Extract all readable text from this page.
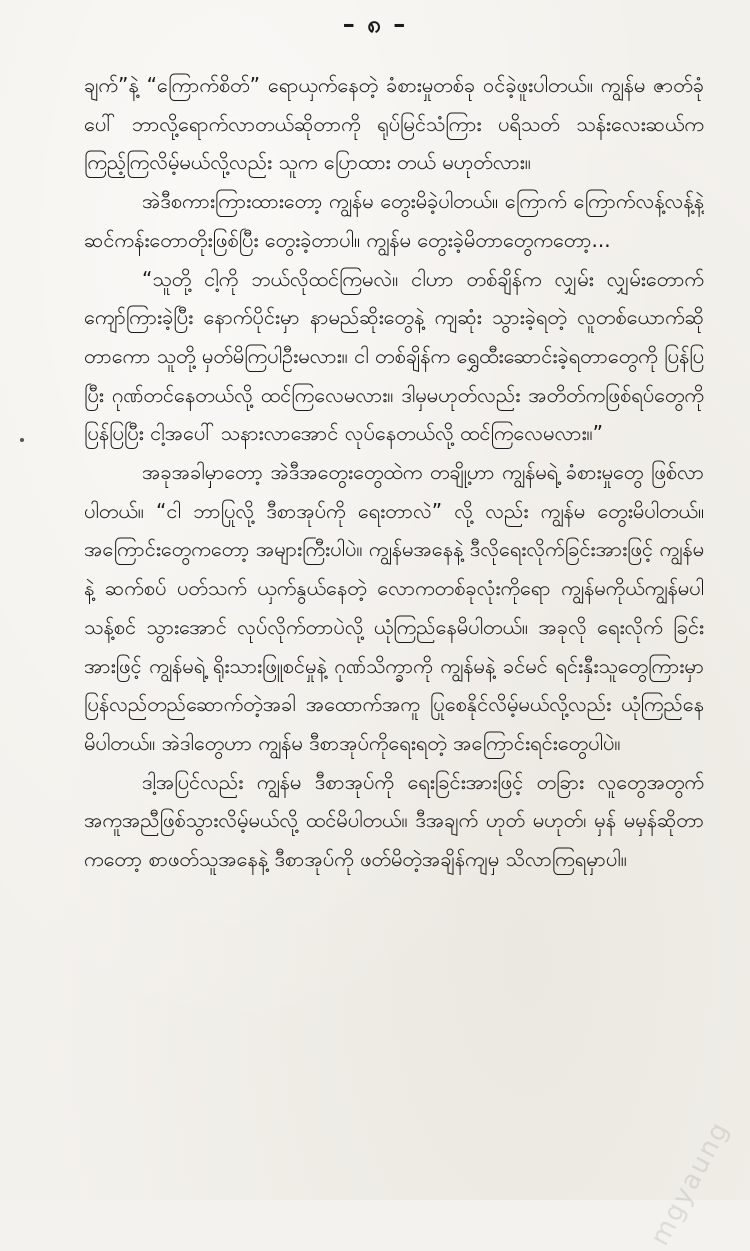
– ၈ –

ချက်”နဲ့ “ကြောက်စိတ်” ရောယှက်နေတဲ့ ခံစားမှုတစ်ခု ဝင်ခဲ့ဖူးပါတယ်။ ကျွန်မ ဇာတ်ခုံပေါ် ဘာလို့ရောက်လာတယ်ဆိုတာကို ရုပ်မြင်သံကြား ပရိသတ် သန်းလေးဆယ်က ကြည့်ကြလိမ့်မယ်လို့လည်း သူက ပြောထား တယ် မဟုတ်လား။

အဲဒီစကားကြားထားတော့ ကျွန်မ တွေးမိခဲ့ပါတယ်။ ကြောက် ကြောက်လန့်လန့်နဲ့ ဆင်ကန်းတောတိုးဖြစ်ပြီး တွေးခဲ့တာပါ။ ကျွန်မ တွေးခဲ့မိတာတွေကတော့...

“သူတို့ ငါ့ကို ဘယ်လိုထင်ကြမလဲ။ ငါဟာ တစ်ချိန်က လျှမ်း လျှမ်းတောက် ကျော်ကြားခဲ့ပြီး နောက်ပိုင်းမှာ နာမည်ဆိုးတွေနဲ့ ကျဆုံး သွားခဲ့ရတဲ့ လူတစ်ယောက်ဆိုတာကော သူတို့ မှတ်မိကြပါဦးမလား။ ငါ တစ်ချိန်က ရွှေထီးဆောင်းခဲ့ရတာတွေကို ပြန်ပြပြီး ဂုဏ်တင်နေတယ်လို့ ထင်ကြလေမလား။ ဒါမှမဟုတ်လည်း အတိတ်ကဖြစ်ရပ်တွေကို ပြန်ပြပြီး ငါ့အပေါ် သနားလာအောင် လုပ်နေတယ်လို့ ထင်ကြလေမလား။”

အခုအခါမှာတော့ အဲဒီအတွေးတွေထဲက တချို့ဟာ ကျွန်မရဲ့ ခံစားမှုတွေ ဖြစ်လာပါတယ်။ “ငါ ဘာပြုလို့ ဒီစာအုပ်ကို ရေးတာလဲ” လို့ လည်း ကျွန်မ တွေးမိပါတယ်။ အကြောင်းတွေကတော့ အများကြီးပါပဲ။ ကျွန်မအနေနဲ့ ဒီလိုရေးလိုက်ခြင်းအားဖြင့် ကျွန်မနဲ့ ဆက်စပ် ပတ်သက် ယှက်နွယ်နေတဲ့ လောကတစ်ခုလုံးကိုရော ကျွန်မကိုယ်ကျွန်မပါ သန့်စင် သွားအောင် လုပ်လိုက်တာပဲလို့ ယုံကြည်နေမိပါတယ်။ အခုလို ရေးလိုက် ခြင်းအားဖြင့် ကျွန်မရဲ့ ရိုးသားဖြူစင်မှုနဲ့ ဂုဏ်သိက္ခာကို ကျွန်မနဲ့ ခင်မင် ရင်းနှီးသူတွေကြားမှာ ပြန်လည်တည်ဆောက်တဲ့အခါ အထောက်အကူ ပြုစေနိုင်လိမ့်မယ်လို့လည်း ယုံကြည်နေမိပါတယ်။ အဲဒါတွေဟာ ကျွန်မ ဒီစာအုပ်ကိုရေးရတဲ့ အကြောင်းရင်းတွေပါပဲ။

ဒါ့အပြင်လည်း ကျွန်မ ဒီစာအုပ်ကို ရေးခြင်းအားဖြင့် တခြား လူတွေအတွက် အကူအညီဖြစ်သွားလိမ့်မယ်လို့ ထင်မိပါတယ်။ ဒီအချက် ဟုတ် မဟုတ်၊ မှန် မမှန်ဆိုတာကတော့ စာဖတ်သူအနေနဲ့ ဒီစာအုပ်ကို ဖတ်မိတဲ့အချိန်ကျမှ သိလာကြရမှာပါ။

mgyaung
